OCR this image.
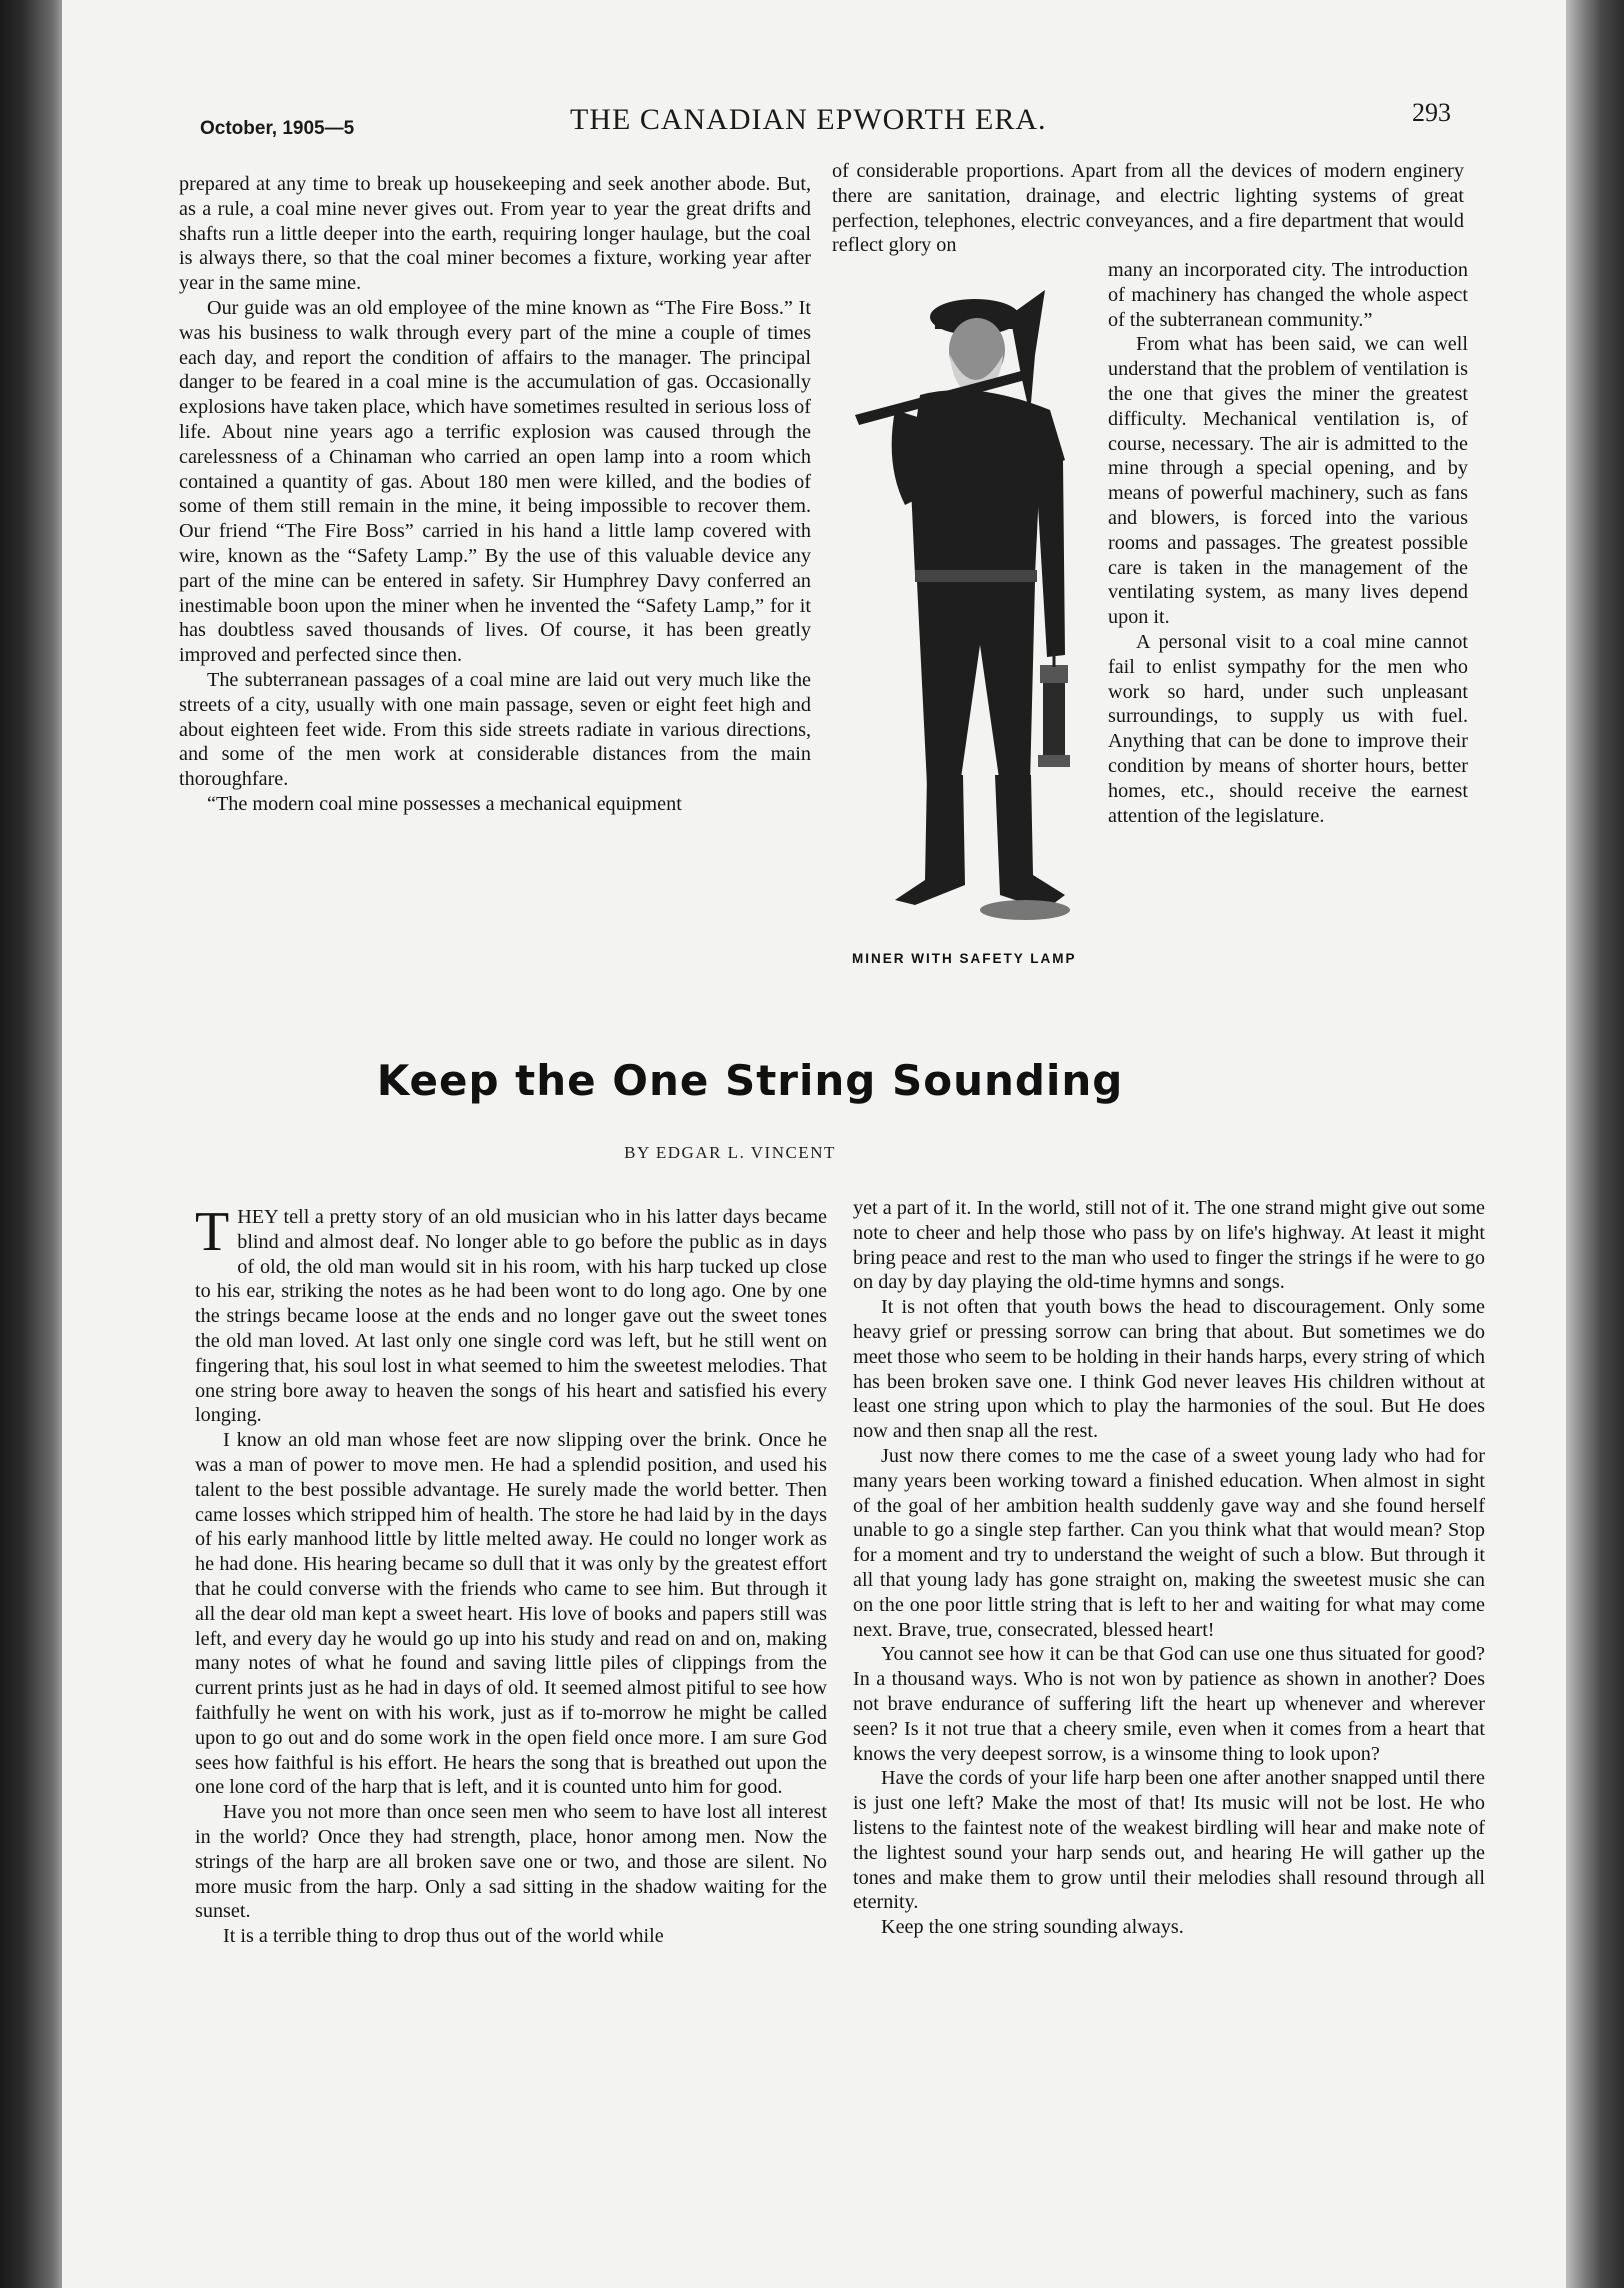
October, 1905—5	THE CANADIAN EPWORTH ERA.	293

prepared at any time to break up housekeeping and seek another abode. But, as a rule, a coal mine never gives out. From year to year the great drifts and shafts run a little deeper into the earth, requiring longer haulage, but the coal is always there, so that the coal miner becomes a fixture, working year after year in the same mine.

Our guide was an old employee of the mine known as “The Fire Boss.” It was his business to walk through every part of the mine a couple of times each day, and report the condition of affairs to the manager. The principal danger to be feared in a coal mine is the accumulation of gas. Occasionally explosions have taken place, which have sometimes resulted in serious loss of life. About nine years ago a terrific explosion was caused through the carelessness of a Chinaman who carried an open lamp into a room which contained a quantity of gas. About 180 men were killed, and the bodies of some of them still remain in the mine, it being impossible to recover them. Our friend “The Fire Boss” carried in his hand a little lamp covered with wire, known as the “Safety Lamp.” By the use of this valuable device any part of the mine can be entered in safety. Sir Humphrey Davy conferred an inestimable boon upon the miner when he invented the “Safety Lamp,” for it has doubtless saved thousands of lives. Of course, it has been greatly improved and perfected since then.

The subterranean passages of a coal mine are laid out very much like the streets of a city, usually with one main passage, seven or eight feet high and about eighteen feet wide. From this side streets radiate in various directions, and some of the men work at considerable distances from the main thoroughfare.

“The modern coal mine possesses a mechanical equipment

of considerable proportions. Apart from all the devices of modern enginery there are sanitation, drainage, and electric lighting systems of great perfection, telephones, electric conveyances, and a fire department that would reflect glory on

many an incorporated city. The introduction of machinery has changed the whole aspect of the subterranean community.”

From what has been said, we can well understand that the problem of ventilation is the one that gives the miner the greatest difficulty. Mechanical ventilation is, of course, necessary. The air is admitted to the mine through a special opening, and by means of powerful machinery, such as fans and blowers, is forced into the various rooms and passages. The greatest possible care is taken in the management of the ventilating system, as many lives depend upon it.

A personal visit to a coal mine cannot fail to enlist sympathy for the men who work so hard, under such unpleasant surroundings, to supply us with fuel. Anything that can be done to improve their condition by means of shorter hours, better homes, etc., should receive the earnest attention of the legislature.

MINER WITH SAFETY LAMP
Keep the One String Sounding
BY EDGAR L. VINCENT

THEY tell a pretty story of an old musician who in his latter days became blind and almost deaf. No longer able to go before the public as in days of old, the old man would sit in his room, with his harp tucked up close to his ear, striking the notes as he had been wont to do long ago. One by one the strings became loose at the ends and no longer gave out the sweet tones the old man loved. At last only one single cord was left, but he still went on fingering that, his soul lost in what seemed to him the sweetest melodies. That one string bore away to heaven the songs of his heart and satisfied his every longing.

I know an old man whose feet are now slipping over the brink. Once he was a man of power to move men. He had a splendid position, and used his talent to the best possible advantage. He surely made the world better. Then came losses which stripped him of health. The store he had laid by in the days of his early manhood little by little melted away. He could no longer work as he had done. His hearing became so dull that it was only by the greatest effort that he could converse with the friends who came to see him. But through it all the dear old man kept a sweet heart. His love of books and papers still was left, and every day he would go up into his study and read on and on, making many notes of what he found and saving little piles of clippings from the current prints just as he had in days of old. It seemed almost pitiful to see how faithfully he went on with his work, just as if to-morrow he might be called upon to go out and do some work in the open field once more. I am sure God sees how faithful is his effort. He hears the song that is breathed out upon the one lone cord of the harp that is left, and it is counted unto him for good.

Have you not more than once seen men who seem to have lost all interest in the world? Once they had strength, place, honor among men. Now the strings of the harp are all broken save one or two, and those are silent. No more music from the harp. Only a sad sitting in the shadow waiting for the sunset.

It is a terrible thing to drop thus out of the world while

yet a part of it. In the world, still not of it. The one strand might give out some note to cheer and help those who pass by on life's highway. At least it might bring peace and rest to the man who used to finger the strings if he were to go on day by day playing the old-time hymns and songs.

It is not often that youth bows the head to discouragement. Only some heavy grief or pressing sorrow can bring that about. But sometimes we do meet those who seem to be holding in their hands harps, every string of which has been broken save one. I think God never leaves His children without at least one string upon which to play the harmonies of the soul. But He does now and then snap all the rest.

Just now there comes to me the case of a sweet young lady who had for many years been working toward a finished education. When almost in sight of the goal of her ambition health suddenly gave way and she found herself unable to go a single step farther. Can you think what that would mean? Stop for a moment and try to understand the weight of such a blow. But through it all that young lady has gone straight on, making the sweetest music she can on the one poor little string that is left to her and waiting for what may come next. Brave, true, consecrated, blessed heart!

You cannot see how it can be that God can use one thus situated for good? In a thousand ways. Who is not won by patience as shown in another? Does not brave endurance of suffering lift the heart up whenever and wherever seen? Is it not true that a cheery smile, even when it comes from a heart that knows the very deepest sorrow, is a winsome thing to look upon?

Have the cords of your life harp been one after another snapped until there is just one left? Make the most of that! Its music will not be lost. He who listens to the faintest note of the weakest birdling will hear and make note of the lightest sound your harp sends out, and hearing He will gather up the tones and make them to grow until their melodies shall resound through all eternity.

Keep the one string sounding always.
